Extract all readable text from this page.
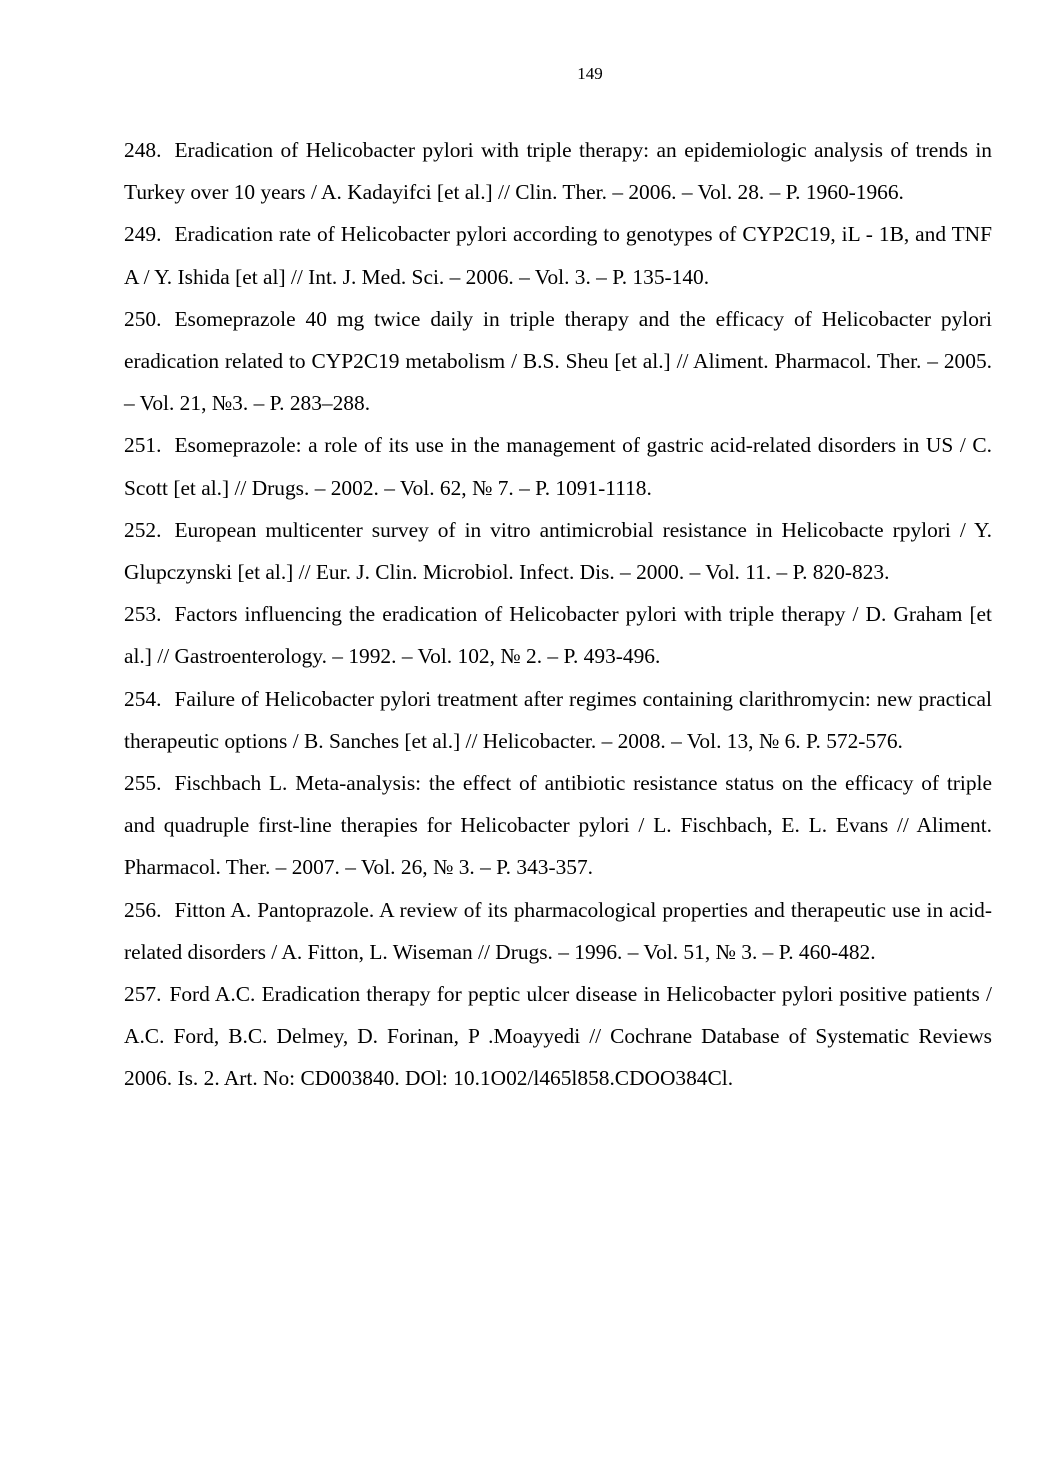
149
248. Eradication of Helicobacter pylori with triple therapy: an epidemiologic analysis of trends in Turkey over 10 years / A. Kadayifci [et al.] // Clin. Ther. – 2006. – Vol. 28. – P. 1960-1966.
249. Eradication rate of Helicobacter pylori according to genotypes of CYP2C19, iL - 1B, and TNF A / Y. Ishida [et al] // Int. J. Med. Sci. – 2006. – Vol. 3. – P. 135-140.
250. Esomeprazole 40 mg twice daily in triple therapy and the efficacy of Helicobacter pylori eradication related to CYP2C19 metabolism / B.S. Sheu [et al.] // Aliment. Pharmacol. Ther. – 2005. – Vol. 21, №3. – P. 283–288.
251. Esomeprazole: a role of its use in the management of gastric acid-related disorders in US / C. Scott [et al.] // Drugs. – 2002. – Vol. 62, № 7. – P. 1091-1118.
252. European multicenter survey of in vitro antimicrobial resistance in Helicobacte rpylori / Y. Glupczynski [et al.] // Eur. J. Clin. Microbiol. Infect. Dis. – 2000. – Vol. 11. – P. 820-823.
253. Factors influencing the eradication of Helicobacter pylori with triple therapy / D. Graham [et al.] // Gastroenterology. – 1992. – Vol. 102, № 2. – P. 493-496.
254. Failure of Helicobacter pylori treatment after regimes containing clarithromycin: new practical therapeutic options / B. Sanches [et al.] // Helicobacter. – 2008. – Vol. 13, № 6. P. 572-576.
255. Fischbach L. Meta-analysis: the effect of antibiotic resistance status on the efficacy of triple and quadruple first-line therapies for Helicobacter pylori / L. Fischbach, E. L. Evans // Aliment. Pharmacol. Ther. – 2007. – Vol. 26, № 3. – P. 343-357.
256. Fitton A. Pantoprazole. A review of its pharmacological properties and therapeutic use in acid-related disorders / A. Fitton, L. Wiseman // Drugs. – 1996. – Vol. 51, № 3. – P. 460-482.
257. Ford A.C. Eradication therapy for peptic ulcer disease in Helicobacter pylori positive patients / A.C. Ford, B.C. Delmey, D. Forinan, P .Moayyedi // Cochrane Database of Systematic Reviews 2006. Is. 2. Art. No: CD003840. DOl: 10.1O02/l465l858.CDOO384Cl.
